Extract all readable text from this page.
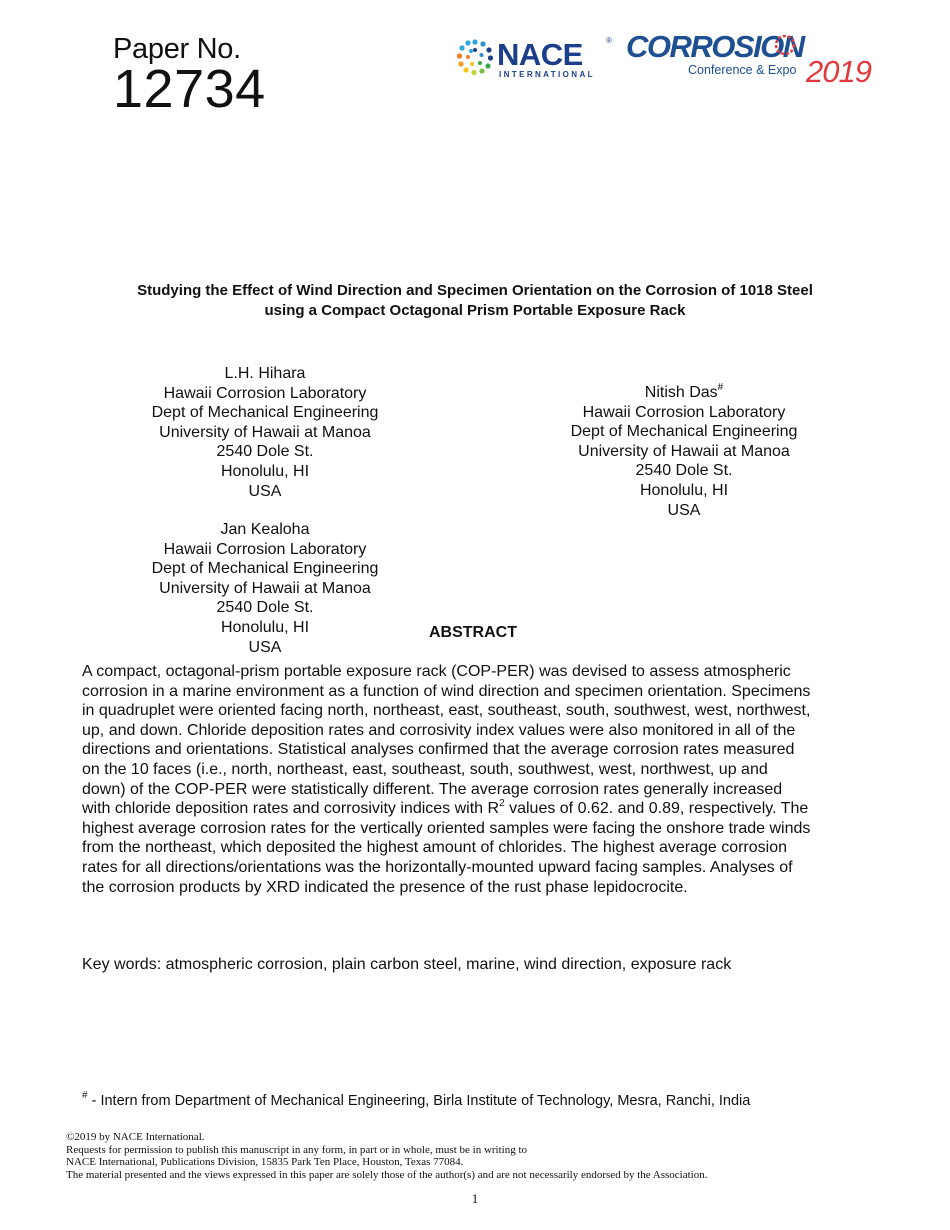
Paper No.
12734
NACE	®
INTERNATIONAL
CORROSION
Conference & Expo 2019
Studying the Effect of Wind Direction and Specimen Orientation on the Corrosion of 1018 Steel
using a Compact Octagonal Prism Portable Exposure Rack
L.H. Hihara
Hawaii Corrosion Laboratory
Dept of Mechanical Engineering
University of Hawaii at Manoa
2540 Dole St.
Honolulu, HI
USA
Nitish Das#
Hawaii Corrosion Laboratory
Dept of Mechanical Engineering
University of Hawaii at Manoa
2540 Dole St.
Honolulu, HI
USA
Jan Kealoha
Hawaii Corrosion Laboratory
Dept of Mechanical Engineering
University of Hawaii at Manoa
2540 Dole St.
Honolulu, HI
USA
ABSTRACT
A compact, octagonal-prism portable exposure rack (COP-PER) was devised to assess atmospheric
corrosion in a marine environment as a function of wind direction and specimen orientation. Specimens
in quadruplet were oriented facing north, northeast, east, southeast, south, southwest, west, northwest,
up, and down. Chloride deposition rates and corrosivity index values were also monitored in all of the
directions and orientations. Statistical analyses confirmed that the average corrosion rates measured
on the 10 faces (i.e., north, northeast, east, southeast, south, southwest, west, northwest, up and
down) of the COP-PER were statistically different. The average corrosion rates generally increased
with chloride deposition rates and corrosivity indices with $R^2$ values of 0.62. and 0.89, respectively. The
highest average corrosion rates for the vertically oriented samples were facing the onshore trade winds
from the northeast, which deposited the highest amount of chlorides. The highest average corrosion
rates for all directions/orientations was the horizontally-mounted upward facing samples. Analyses of
the corrosion products by XRD indicated the presence of the rust phase lepidocrocite.
Key words: atmospheric corrosion, plain carbon steel, marine, wind direction, exposure rack
# - Intern from Department of Mechanical Engineering, Birla Institute of Technology, Mesra, Ranchi, India
©2019 by NACE International.
Requests for permission to publish this manuscript in any form, in part or in whole, must be in writing to
NACE International, Publications Division, 15835 Park Ten Place, Houston, Texas 77084.
The material presented and the views expressed in this paper are solely those of the author(s) and are not necessarily endorsed by the Association.
1
